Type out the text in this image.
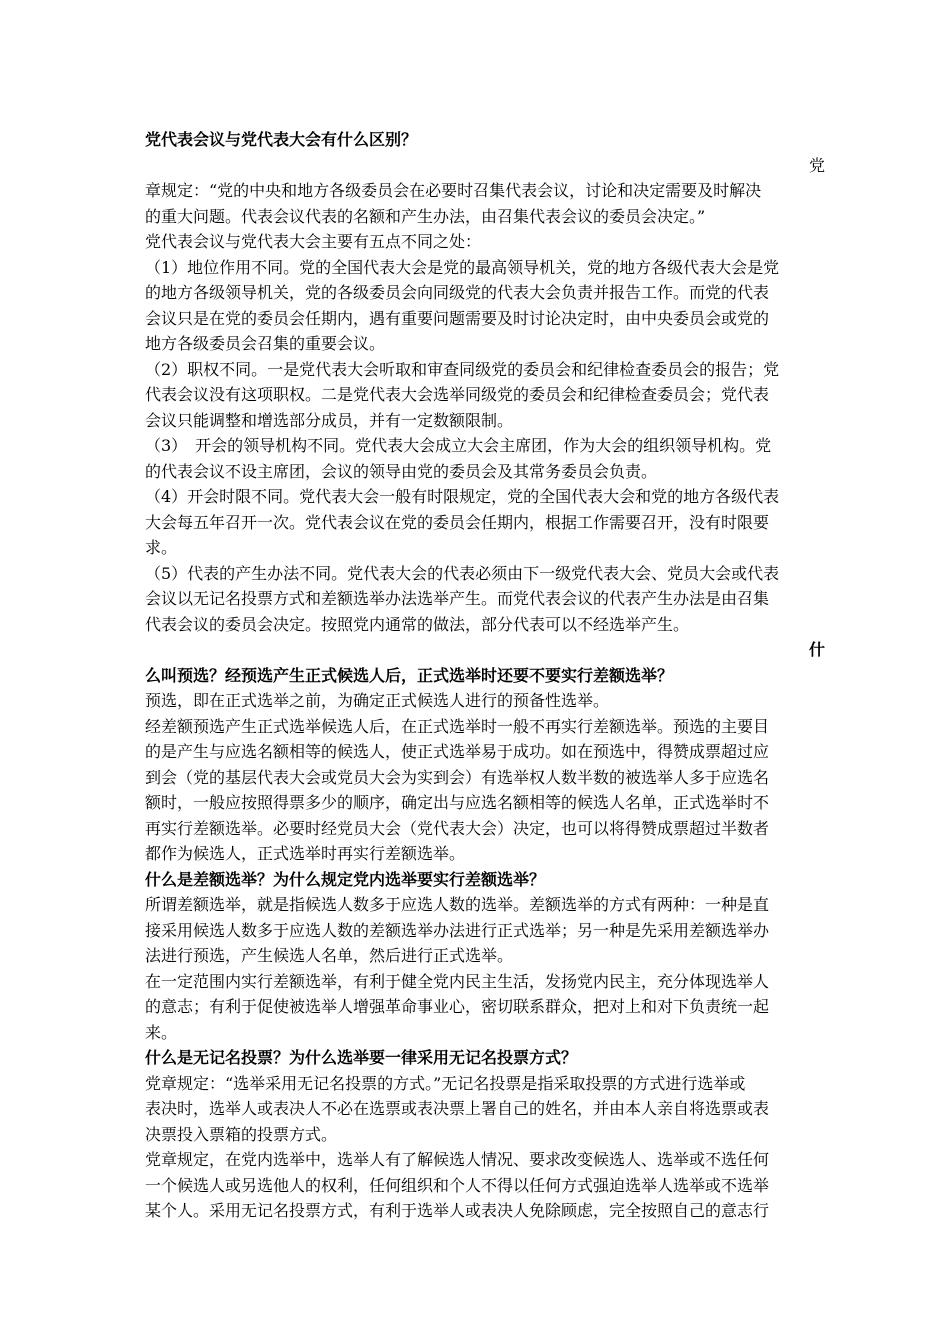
党代表会议与党代表大会有什么区别？

党

章规定：“党的中央和地方各级委员会在必要时召集代表会议，讨论和决定需要及时解决

的重大问题。代表会议代表的名额和产生办法，由召集代表会议的委员会决定。”

党代表会议与党代表大会主要有五点不同之处：

（1）地位作用不同。党的全国代表大会是党的最高领导机关，党的地方各级代表大会是党

的地方各级领导机关，党的各级委员会向同级党的代表大会负责并报告工作。而党的代表

会议只是在党的委员会任期内，遇有重要问题需要及时讨论决定时，由中央委员会或党的

地方各级委员会召集的重要会议。

（2）职权不同。一是党代表大会听取和审查同级党的委员会和纪律检查委员会的报告；党

代表会议没有这项职权。二是党代表大会选举同级党的委员会和纪律检查委员会；党代表

会议只能调整和增选部分成员，并有一定数额限制。

（3）　开会的领导机构不同。党代表大会成立大会主席团，作为大会的组织领导机构。党

的代表会议不设主席团，会议的领导由党的委员会及其常务委员会负责。

（4）开会时限不同。党代表大会一般有时限规定，党的全国代表大会和党的地方各级代表

大会每五年召开一次。党代表会议在党的委员会任期内，根据工作需要召开，没有时限要

求。

（5）代表的产生办法不同。党代表大会的代表必须由下一级党代表大会、党员大会或代表

会议以无记名投票方式和差额选举办法选举产生。而党代表会议的代表产生办法是由召集

代表会议的委员会决定。按照党内通常的做法，部分代表可以不经选举产生。

什

么叫预选？经预选产生正式候选人后，正式选举时还要不要实行差额选举？

预选，即在正式选举之前，为确定正式候选人进行的预备性选举。

经差额预选产生正式选举候选人后，在正式选举时一般不再实行差额选举。预选的主要目

的是产生与应选名额相等的候选人，使正式选举易于成功。如在预选中，得赞成票超过应

到会（党的基层代表大会或党员大会为实到会）有选举权人数半数的被选举人多于应选名

额时，一般应按照得票多少的顺序，确定出与应选名额相等的候选人名单，正式选举时不

再实行差额选举。必要时经党员大会（党代表大会）决定，也可以将得赞成票超过半数者

都作为候选人，正式选举时再实行差额选举。

什么是差额选举？为什么规定党内选举要实行差额选举？

所谓差额选举，就是指候选人数多于应选人数的选举。差额选举的方式有两种：一种是直

接采用候选人数多于应选人数的差额选举办法进行正式选举；另一种是先采用差额选举办

法进行预选，产生候选人名单，然后进行正式选举。

在一定范围内实行差额选举，有利于健全党内民主生活，发扬党内民主，充分体现选举人

的意志；有利于促使被选举人增强革命事业心，密切联系群众，把对上和对下负责统一起

来。

什么是无记名投票？为什么选举要一律采用无记名投票方式？

党章规定：“选举采用无记名投票的方式。”无记名投票是指采取投票的方式进行选举或

表决时，选举人或表决人不必在选票或表决票上署自己的姓名，并由本人亲自将选票或表

决票投入票箱的投票方式。

党章规定，在党内选举中，选举人有了解候选人情况、要求改变候选人、选举或不选任何

一个候选人或另选他人的权利，任何组织和个人不得以任何方式强迫选举人选举或不选举

某个人。采用无记名投票方式，有利于选举人或表决人免除顾虑，完全按照自己的意志行
